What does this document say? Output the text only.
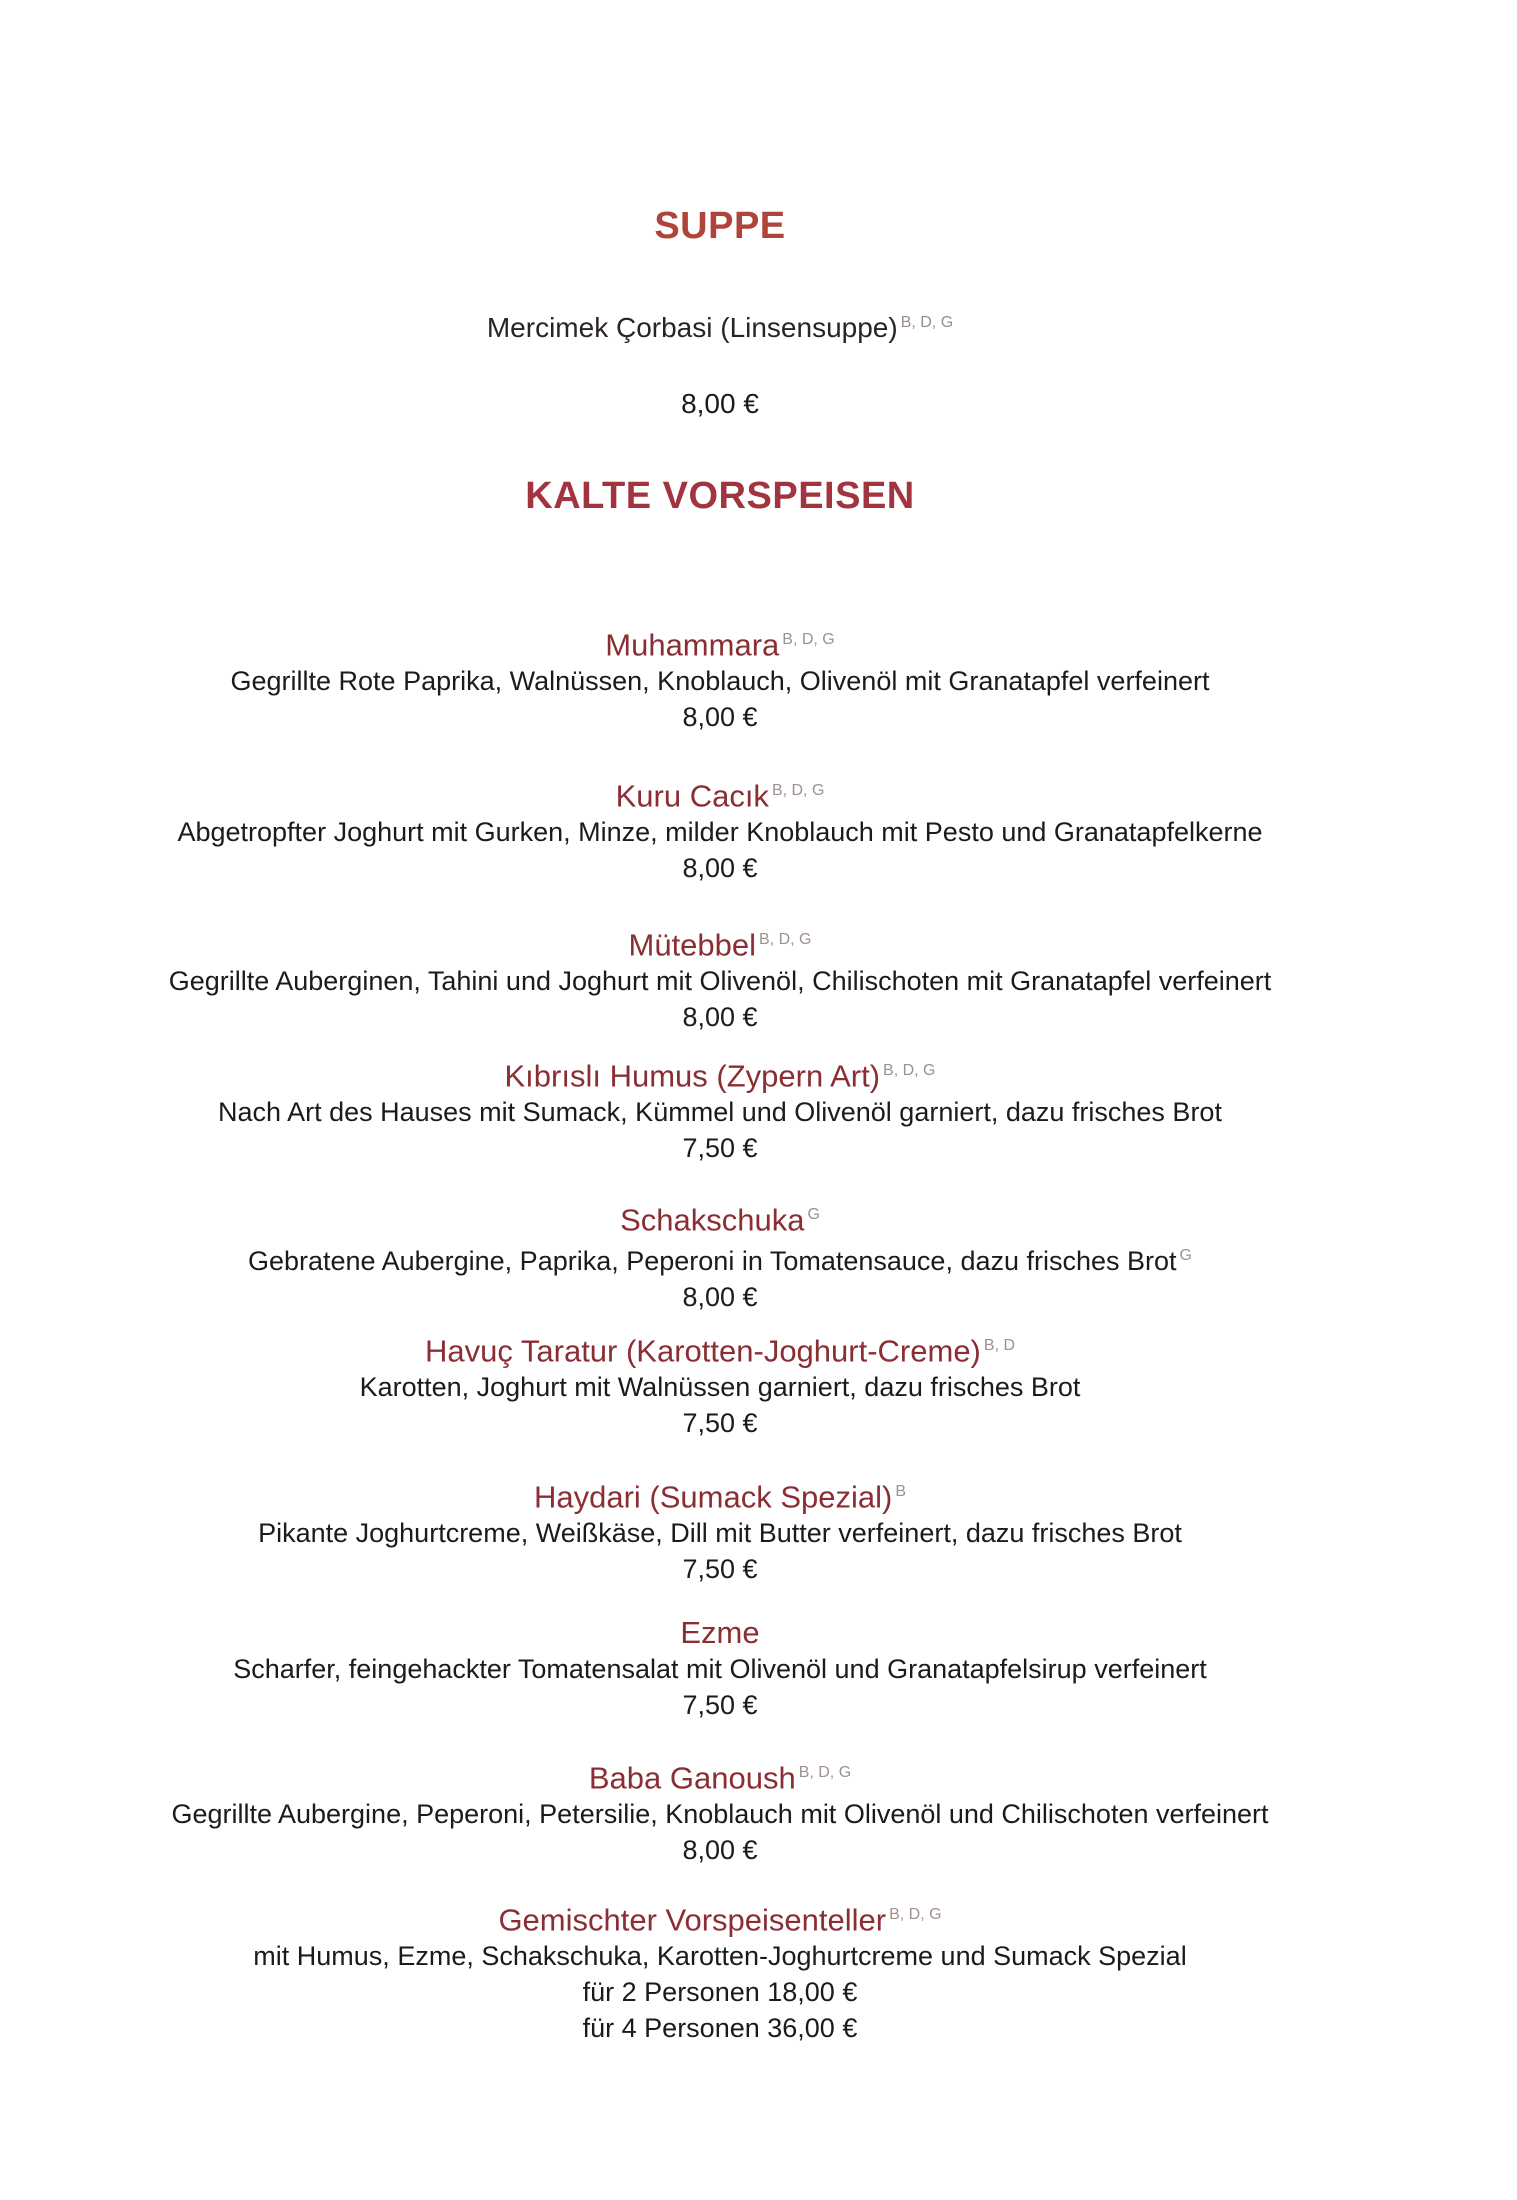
SUPPE
Mercimek Çorbasi (Linsensuppe) $^{B, D, G}$
8,00 €
KALTE VORSPEISEN
Muhammara $^{B, D, G}$
Gegrillte Rote Paprika, Walnüssen, Knoblauch, Olivenöl mit Granatapfel verfeinert
8,00 €
Kuru Cacık $^{B, D, G}$
Abgetropfter Joghurt mit Gurken, Minze, milder Knoblauch mit Pesto und Granatapfelkerne
8,00 €
Mütebbel $^{B, D, G}$
Gegrillte Auberginen, Tahini und Joghurt mit Olivenöl, Chilischoten mit Granatapfel verfeinert
8,00 €
Kıbrıslı Humus (Zypern Art) $^{B, D, G}$
Nach Art des Hauses mit Sumack, Kümmel und Olivenöl garniert, dazu frisches Brot
7,50 €
Schakschuka $^G$
Gebratene Aubergine, Paprika, Peperoni in Tomatensauce, dazu frisches Brot $^G$
8,00 €
Havuç Taratur (Karotten-Joghurt-Creme) $^{B, D}$
Karotten, Joghurt mit Walnüssen garniert, dazu frisches Brot
7,50 €
Haydari (Sumack Spezial) $^B$
Pikante Joghurtcreme, Weißkäse, Dill mit Butter verfeinert, dazu frisches Brot
7,50 €
Ezme
Scharfer, feingehackter Tomatensalat mit Olivenöl und Granatapfelsirup verfeinert
7,50 €
Baba Ganoush $^{B, D, G}$
Gegrillte Aubergine, Peperoni, Petersilie, Knoblauch mit Olivenöl und Chilischoten verfeinert
8,00 €
Gemischter Vorspeisenteller $^{B, D, G}$
mit Humus, Ezme, Schakschuka, Karotten-Joghurtcreme und Sumack Spezial
für 2 Personen 18,00 €
für 4 Personen 36,00 €
